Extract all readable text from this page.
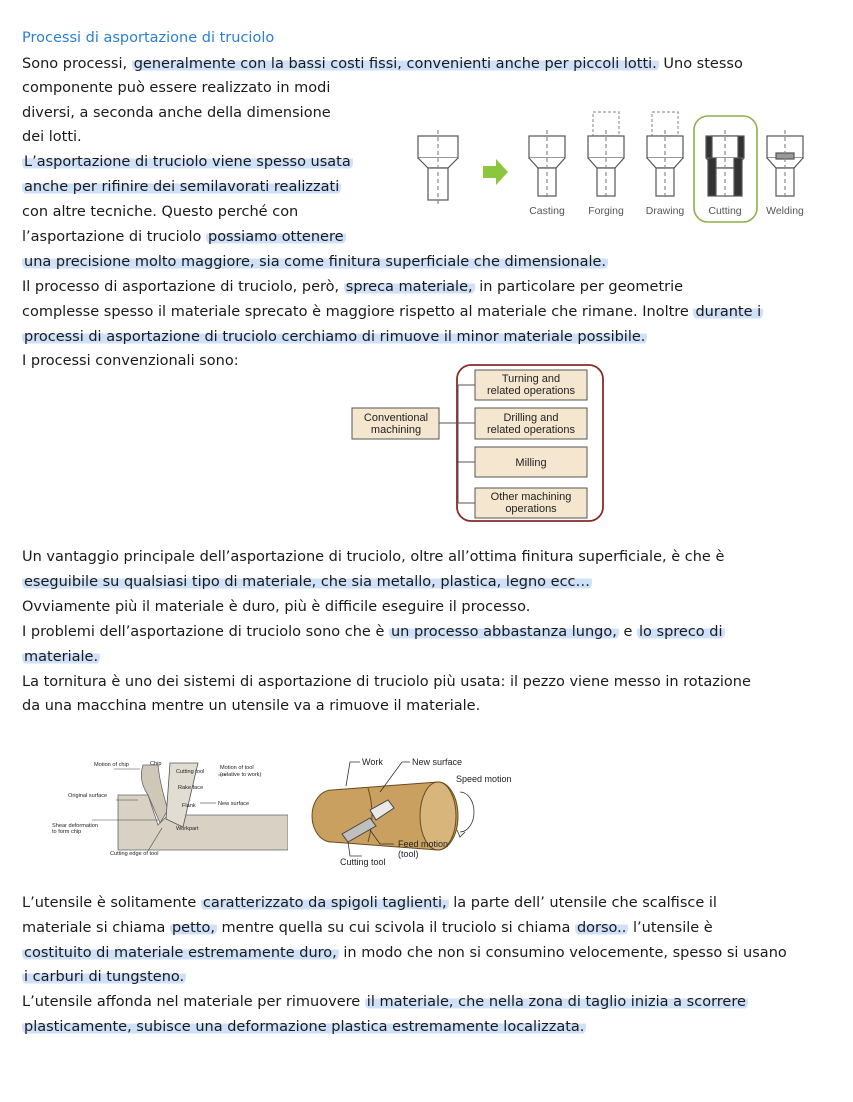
Processi di asportazione di truciolo
Sono processi, generalmente con la bassi costi fissi, convenienti anche per piccoli lotti. Uno stesso
componente può essere realizzato in modi
diversi, a seconda anche della dimensione
dei lotti.
L’asportazione di truciolo viene spesso usata
anche per rifinire dei semilavorati realizzati
con altre tecniche. Questo perché con
l’asportazione di truciolo possiamo ottenere
una precisione molto maggiore, sia come finitura superficiale che dimensionale.
Il processo di asportazione di truciolo, però, spreca materiale, in particolare per geometrie
complesse spesso il materiale sprecato è maggiore rispetto al materiale che rimane. Inoltre durante i
processi di asportazione di truciolo cerchiamo di rimuove il minor materiale possibile.
I processi convenzionali sono:
Casting Forging Drawing Cutting Welding
Conventional machining
Turning and related operations
Drilling and related operations
Milling
Other machining operations
Un vantaggio principale dell’asportazione di truciolo, oltre all’ottima finitura superficiale, è che è
eseguibile su qualsiasi tipo di materiale, che sia metallo, plastica, legno ecc…
Ovviamente più il materiale è duro, più è difficile eseguire il processo.
I problemi dell’asportazione di truciolo sono che è un processo abbastanza lungo, e lo spreco di
materiale.
La tornitura è uno dei sistemi di asportazione di truciolo più usata: il pezzo viene messo in rotazione
da una macchina mentre un utensile va a rimuove il materiale.
Motion of chip	Chip
Cutting tool
Motion of tool (relative to work)
Rake face
Original surface
Flank	New surface
Shear deformation to form chip	Workpart
Cutting edge of tool
Work	New surface
Speed motion
Feed motion (tool)
Cutting tool
L’utensile è solitamente caratterizzato da spigoli taglienti, la parte dell’ utensile che scalfisce il
materiale si chiama petto, mentre quella su cui scivola il truciolo si chiama dorso.. l’utensile è
costituito di materiale estremamente duro, in modo che non si consumino velocemente, spesso si usano
i carburi di tungsteno.
L’utensile affonda nel materiale per rimuovere il materiale, che nella zona di taglio inizia a scorrere
plasticamente, subisce una deformazione plastica estremamente localizzata.
